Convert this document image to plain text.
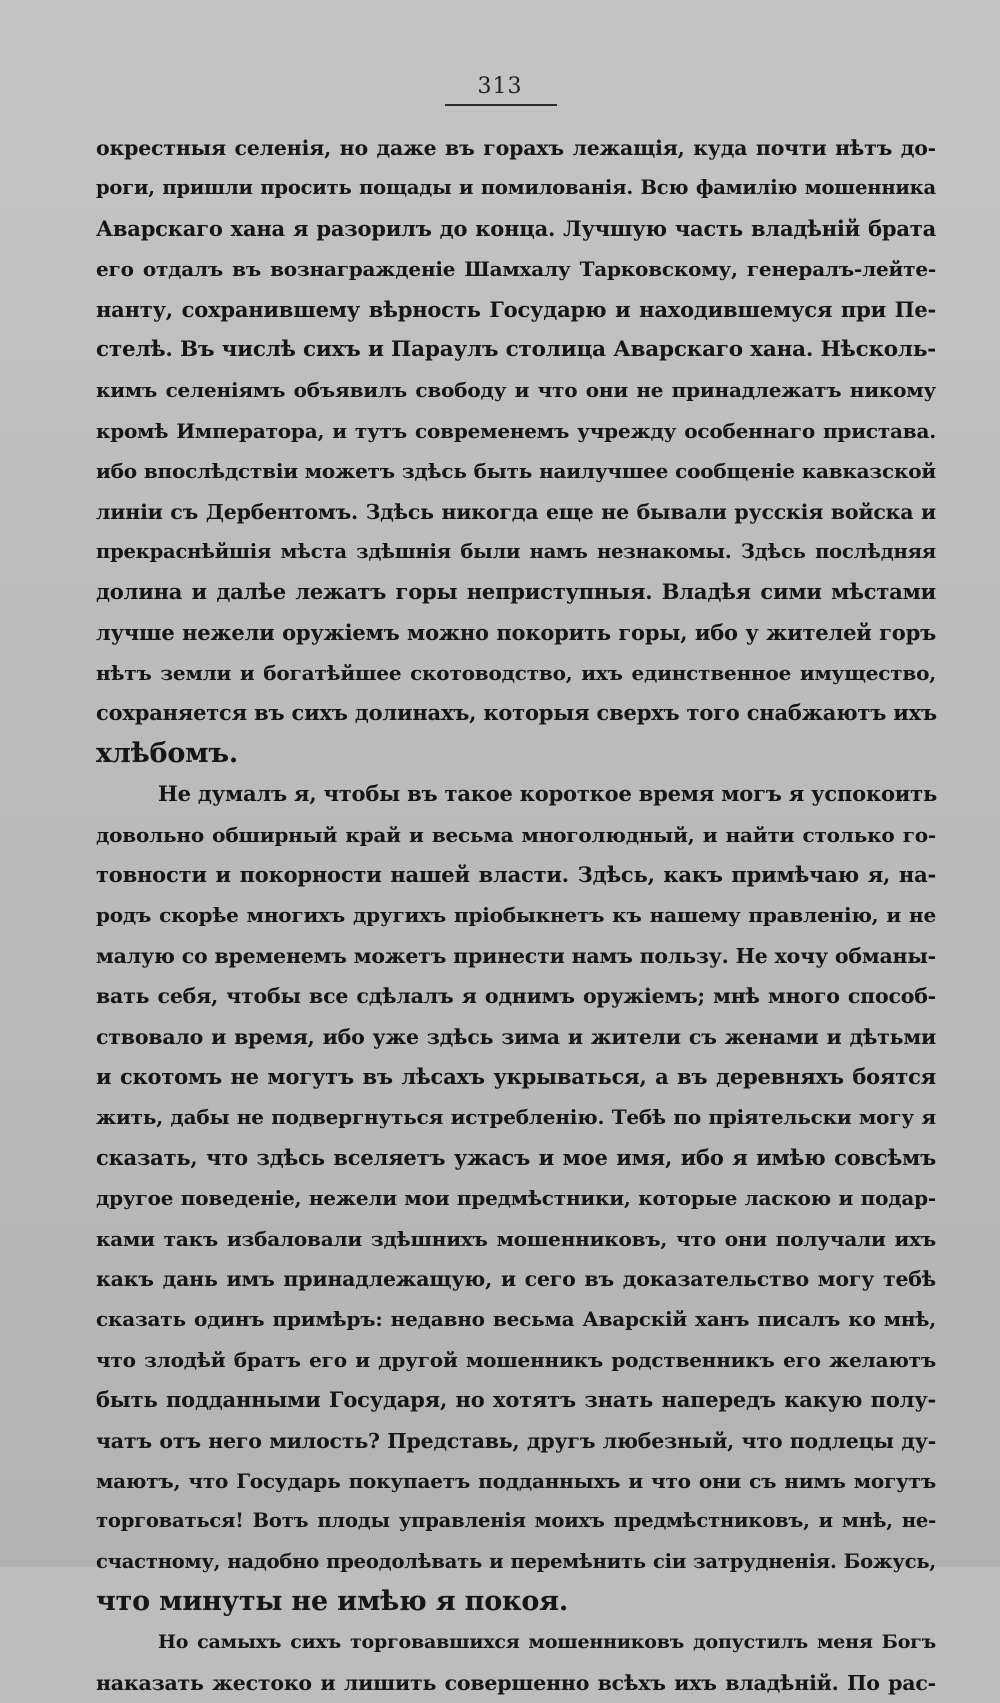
313
окрестныя селенія, но даже въ горахъ лежащія, куда почти нѣтъ до-
роги, пришли просить пощады и помилованія. Всю фамилію мошенника
Аварскаго хана я разорилъ до конца. Лучшую часть владѣній брата
его отдалъ въ вознагражденіе Шамхалу Тарковскому, генералъ-лейте-
нанту, сохранившему вѣрность Государю и находившемуся при Пе-
стелѣ. Въ числѣ сихъ и Параулъ столица Аварскаго хана. Нѣсколь-
кимъ селеніямъ объявилъ свободу и что они не принадлежатъ никому
кромѣ Императора, и тутъ современемъ учрежду особеннаго пристава.
ибо впослѣдствіи можетъ здѣсь быть наилучшее сообщеніе кавказской
линіи съ Дербентомъ. Здѣсь никогда еще не бывали русскія войска и
прекраснѣйшія мѣста здѣшнія были намъ незнакомы. Здѣсь послѣдняя
долина и далѣе лежатъ горы неприступныя. Владѣя сими мѣстами
лучше нежели оружіемъ можно покорить горы, ибо у жителей горъ
нѣтъ земли и богатѣйшее скотоводство, ихъ единственное имущество,
сохраняется въ сихъ долинахъ, которыя сверхъ того снабжаютъ ихъ
хлѣбомъ.
Не думалъ я, чтобы въ такое короткое время могъ я успокоить
довольно обширный край и весьма многолюдный, и найти столько го-
товности и покорности нашей власти. Здѣсь, какъ примѣчаю я, на-
родъ скорѣе многихъ другихъ пріобыкнетъ къ нашему правленію, и не
малую со временемъ можетъ принести намъ пользу. Не хочу обманы-
вать себя, чтобы все сдѣлалъ я однимъ оружіемъ; мнѣ много способ-
ствовало и время, ибо уже здѣсь зима и жители съ женами и дѣтьми
и скотомъ не могутъ въ лѣсахъ укрываться, а въ деревняхъ боятся
жить, дабы не подвергнуться истребленію. Тебѣ по пріятельски могу я
сказать, что здѣсь вселяетъ ужасъ и мое имя, ибо я имѣю совсѣмъ
другое поведеніе, нежели мои предмѣстники, которые ласкою и подар-
ками такъ избаловали здѣшнихъ мошенниковъ, что они получали ихъ
какъ дань имъ принадлежащую, и сего въ доказательство могу тебѣ
сказать одинъ примѣръ: недавно весьма Аварскій ханъ писалъ ко мнѣ,
что злодѣй братъ его и другой мошенникъ родственникъ его желаютъ
быть подданными Государя, но хотятъ знать напередъ какую полу-
чатъ отъ него милость? Представь, другъ любезный, что подлецы ду-
маютъ, что Государь покупаетъ подданныхъ и что они съ нимъ могутъ
торговаться! Вотъ плоды управленія моихъ предмѣстниковъ, и мнѣ, не-
счастному, надобно преодолѣвать и перемѣнить сіи затрудненія. Божусь,
что минуты не имѣю я покоя.
Но самыхъ сихъ торговавшихся мошенниковъ допустилъ меня Богъ
наказать жестоко и лишить совершенно всѣхъ ихъ владѣній. По рас-
